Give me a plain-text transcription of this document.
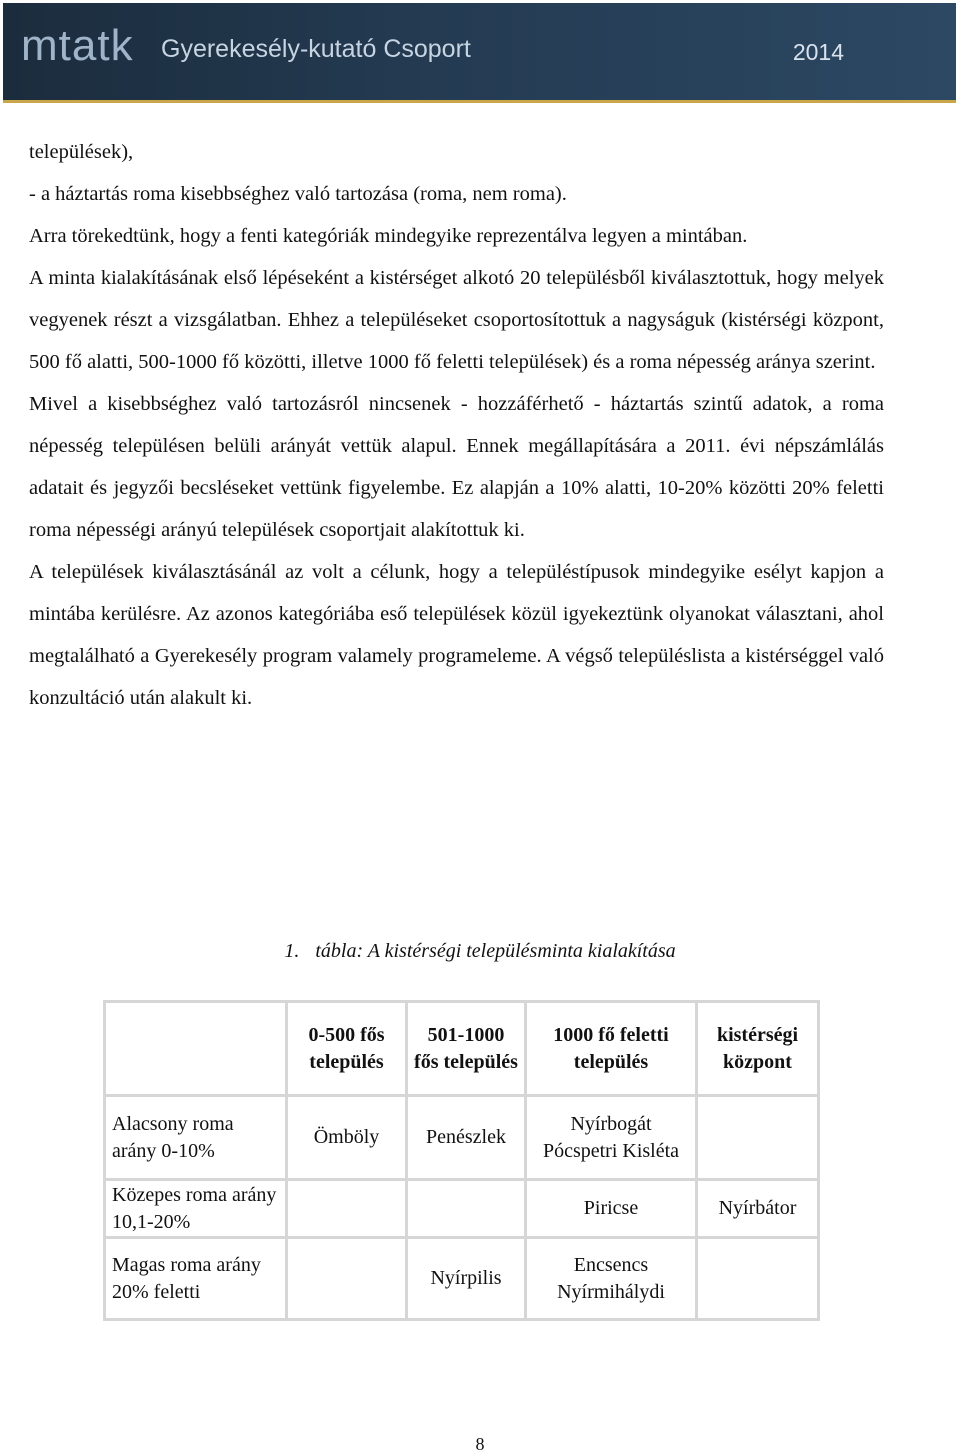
mtatk Gyerekesély-kutató Csoport	2014

települések),

- a háztartás roma kisebbséghez való tartozása (roma, nem roma).

Arra törekedtünk, hogy a fenti kategóriák mindegyike reprezentálva legyen a mintában.

A minta kialakításának első lépéseként a kistérséget alkotó 20 településből kiválasztottuk, hogy melyek vegyenek részt a vizsgálatban. Ehhez a településeket csoportosítottuk a nagyságuk (kistérségi központ, 500 fő alatti, 500-1000 fő közötti, illetve 1000 fő feletti települések) és a roma népesség aránya szerint.

Mivel a kisebbséghez való tartozásról nincsenek - hozzáférhető - háztartás szintű adatok, a roma népesség településen belüli arányát vettük alapul. Ennek megállapítására a 2011. évi népszámlálás adatait és jegyzői becsléseket vettünk figyelembe. Ez alapján a 10% alatti, 10-20% közötti 20% feletti roma népességi arányú települések csoportjait alakítottuk ki.

A települések kiválasztásánál az volt a célunk, hogy a településtípusok mindegyike esélyt kapjon a mintába kerülésre. Az azonos kategóriába eső települések közül igyekeztünk olyanokat választani, ahol megtalálható a Gyerekesély program valamely programeleme. A végső településlista a kistérséggel való konzultáció után alakult ki.

1. tábla: A kistérségi településminta kialakítása
	0-500 fős település	501-1000 fős település	1000 fő feletti település	kistérségi központ
Alacsony roma arány 0-10%	Ömböly	Penészlek	Nyírbogát Pócspetri Kisléta	
Közepes roma arány 10,1-20%			Piricse	Nyírbátor
Magas roma arány 20% feletti		Nyírpilis	Encsencs Nyírmihálydi	
8
